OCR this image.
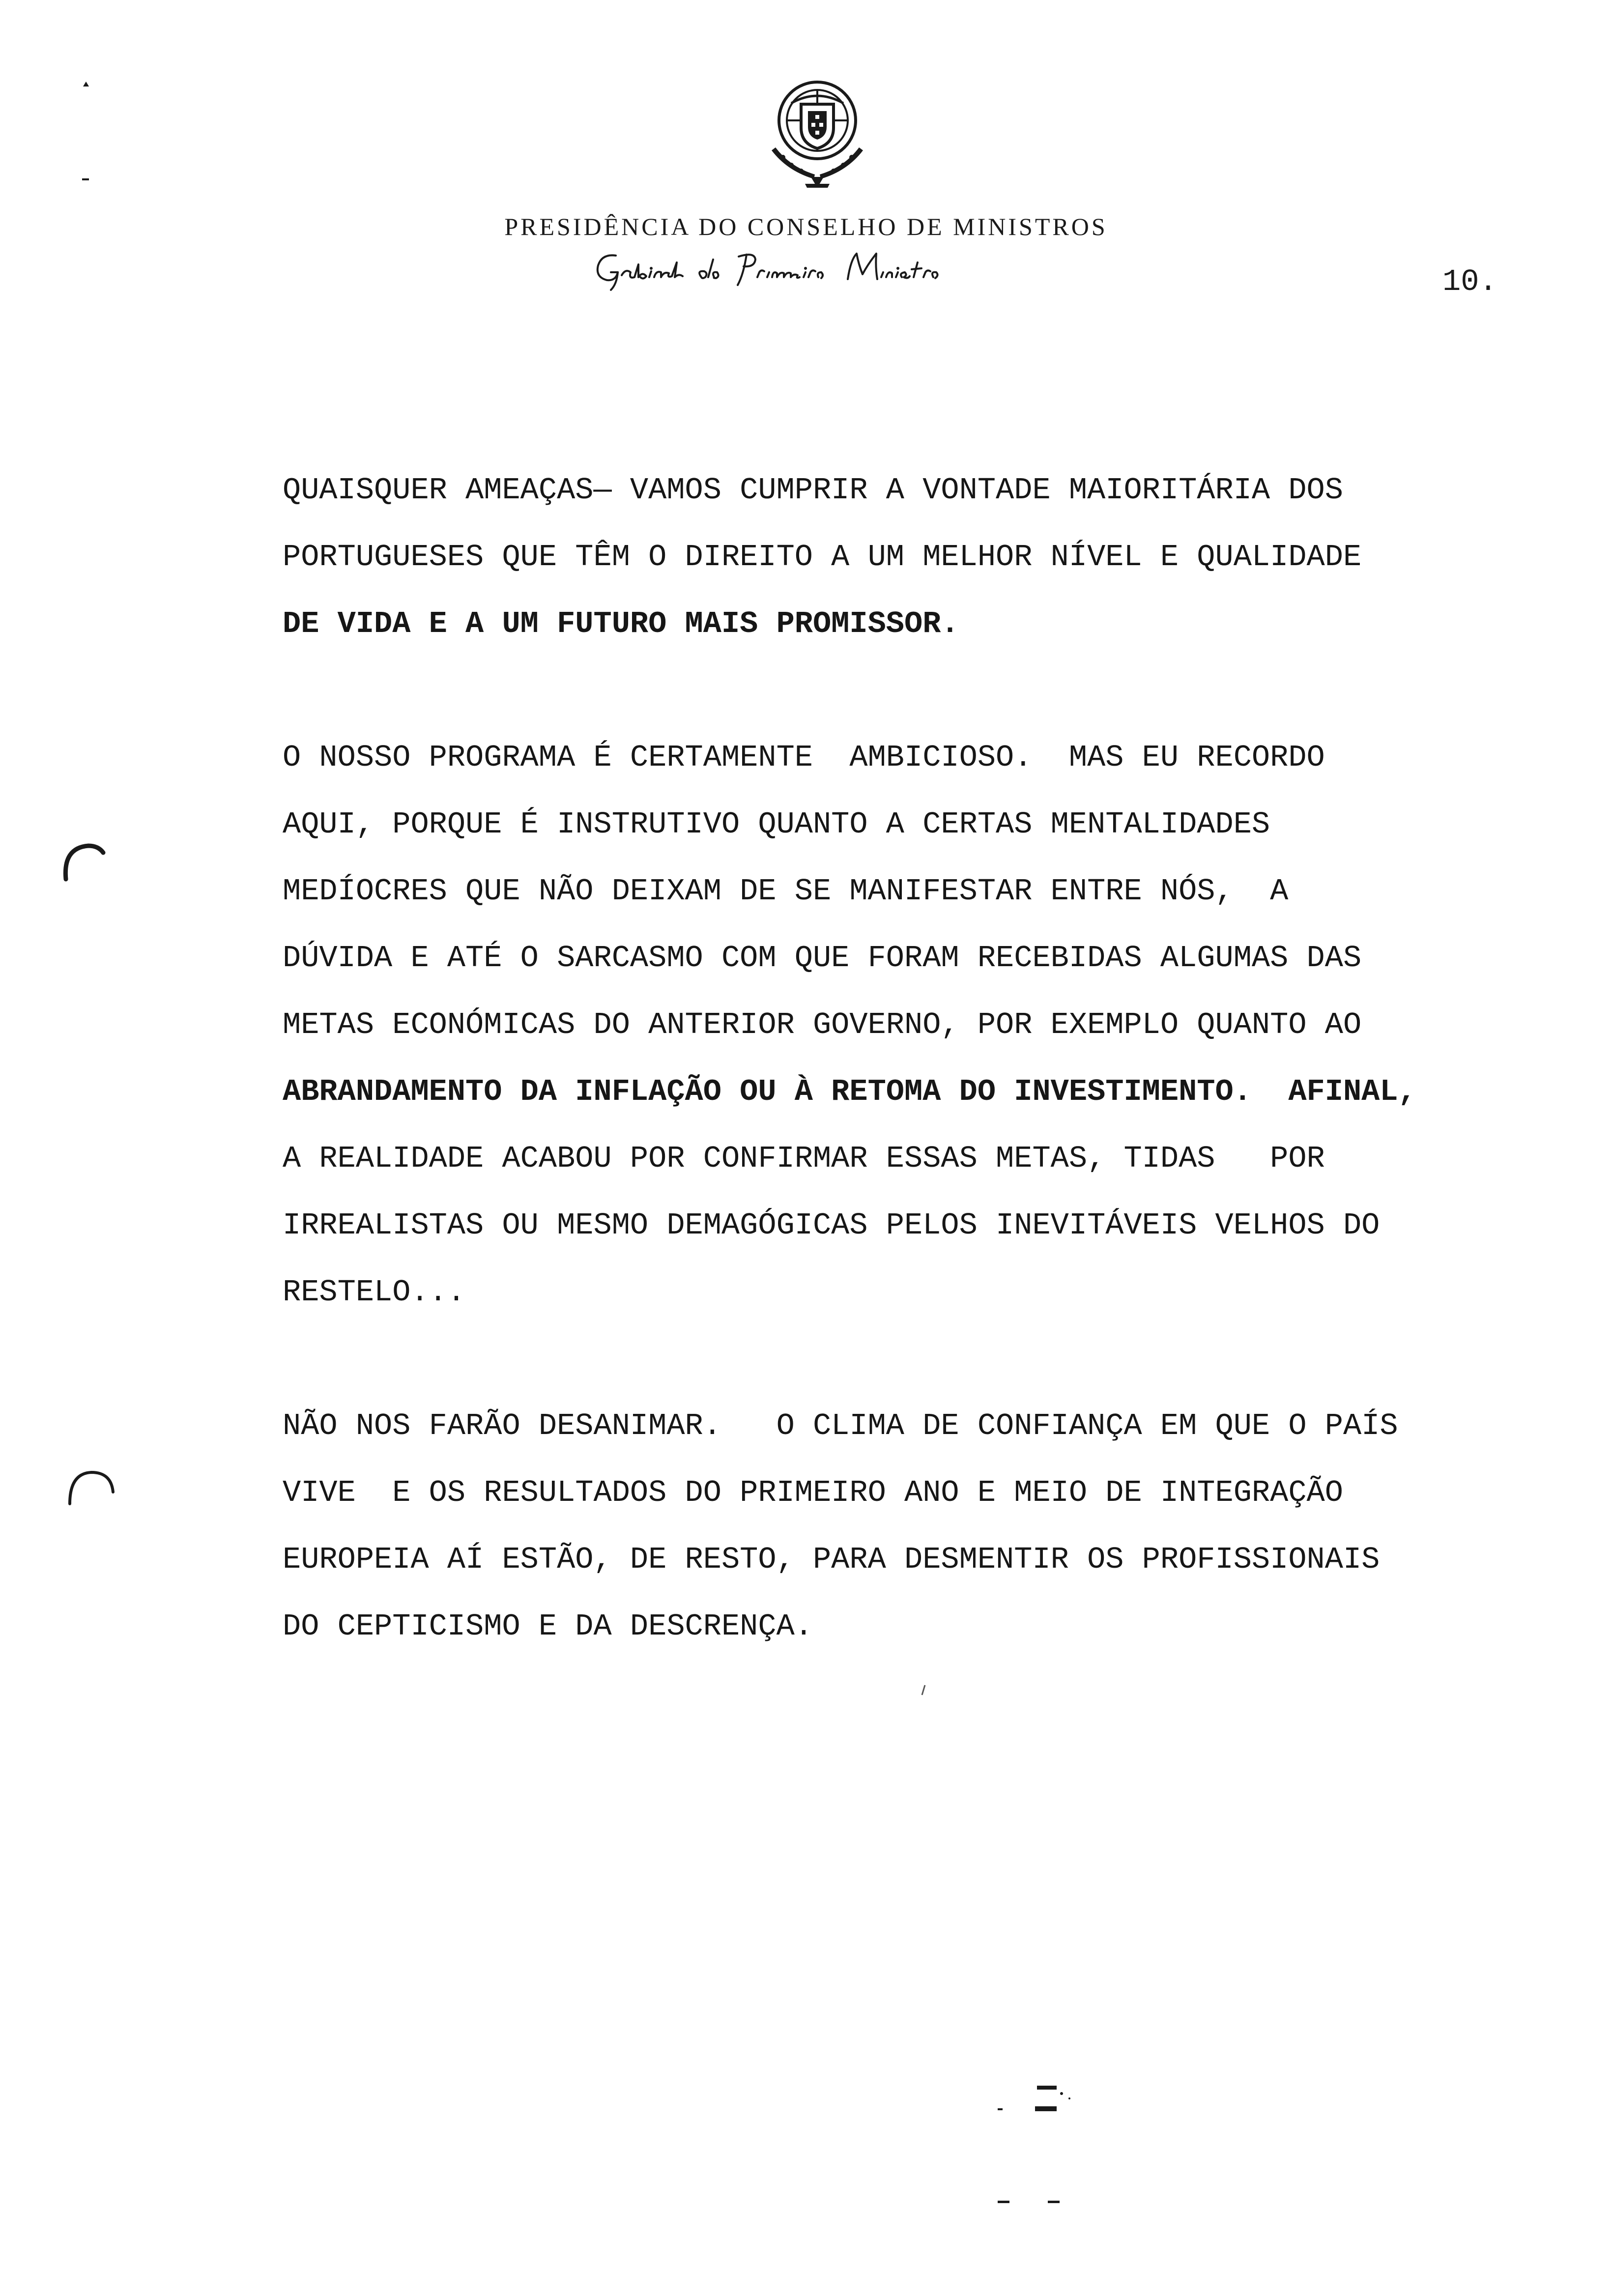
PRESIDÊNCIA DO CONSELHO DE MINISTROS
10.
QUAISQUER AMEAÇAS— VAMOS CUMPRIR A VONTADE MAIORITÁRIA DOS
PORTUGUESES QUE TÊM O DIREITO A UM MELHOR NÍVEL E QUALIDADE
DE VIDA E A UM FUTURO MAIS PROMISSOR.
O NOSSO PROGRAMA É CERTAMENTE  AMBICIOSO.  MAS EU RECORDO
AQUI, PORQUE É INSTRUTIVO QUANTO A CERTAS MENTALIDADES
MEDÍOCRES QUE NÃO DEIXAM DE SE MANIFESTAR ENTRE NÓS,  A
DÚVIDA E ATÉ O SARCASMO COM QUE FORAM RECEBIDAS ALGUMAS DAS
METAS ECONÓMICAS DO ANTERIOR GOVERNO, POR EXEMPLO QUANTO AO
ABRANDAMENTO DA INFLAÇÃO OU À RETOMA DO INVESTIMENTO.  AFINAL,
A REALIDADE ACABOU POR CONFIRMAR ESSAS METAS, TIDAS   POR
IRREALISTAS OU MESMO DEMAGÓGICAS PELOS INEVITÁVEIS VELHOS DO
RESTELO...
NÃO NOS FARÃO DESANIMAR.   O CLIMA DE CONFIANÇA EM QUE O PAÍS
VIVE  E OS RESULTADOS DO PRIMEIRO ANO E MEIO DE INTEGRAÇÃO
EUROPEIA AÍ ESTÃO, DE RESTO, PARA DESMENTIR OS PROFISSIONAIS
DO CEPTICISMO E DA DESCRENÇA.
